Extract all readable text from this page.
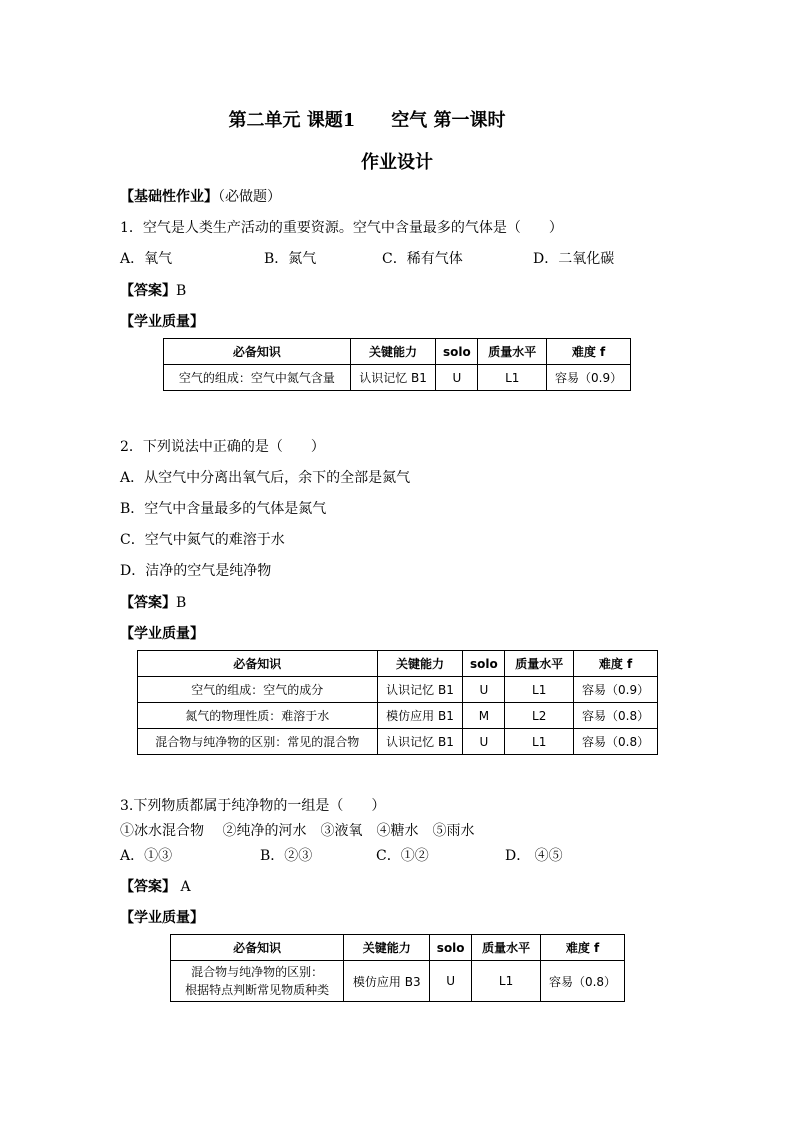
第二单元 课题1　　空气 第一课时
作业设计
【基础性作业】（必做题）
1．空气是人类生产活动的重要资源。空气中含量最多的气体是（　　）
A．氧气	B．氮气	C．稀有气体	D．二氧化碳
【答案】B
【学业质量】
必备知识	关键能力	solo	质量水平	难度 f
空气的组成：空气中氮气含量	认识记忆 B1	U	L1	容易（0.9）
2．下列说法中正确的是（　　）
A．从空气中分离出氧气后，余下的全部是氮气
B．空气中含量最多的气体是氮气
C．空气中氮气的难溶于水
D．洁净的空气是纯净物
【答案】B
【学业质量】
必备知识	关键能力	solo	质量水平	难度 f
空气的组成：空气的成分	认识记忆 B1	U	L1	容易（0.9）
氮气的物理性质：难溶于水	模仿应用 B1	M	L2	容易（0.8）
混合物与纯净物的区别：常见的混合物	认识记忆 B1	U	L1	容易（0.8）
3.下列物质都属于纯净物的一组是（　　）
①冰水混合物　 ②纯净的河水　③液氧　④糖水　⑤雨水
A．①③	B．②③	C．①②	D． ④⑤
【答案】 A
【学业质量】
必备知识	关键能力	solo	质量水平	难度 f

混合物与纯净物的区别：
根据特点判断常见物质种类	模仿应用 B3	U	L1	容易（0.8）
